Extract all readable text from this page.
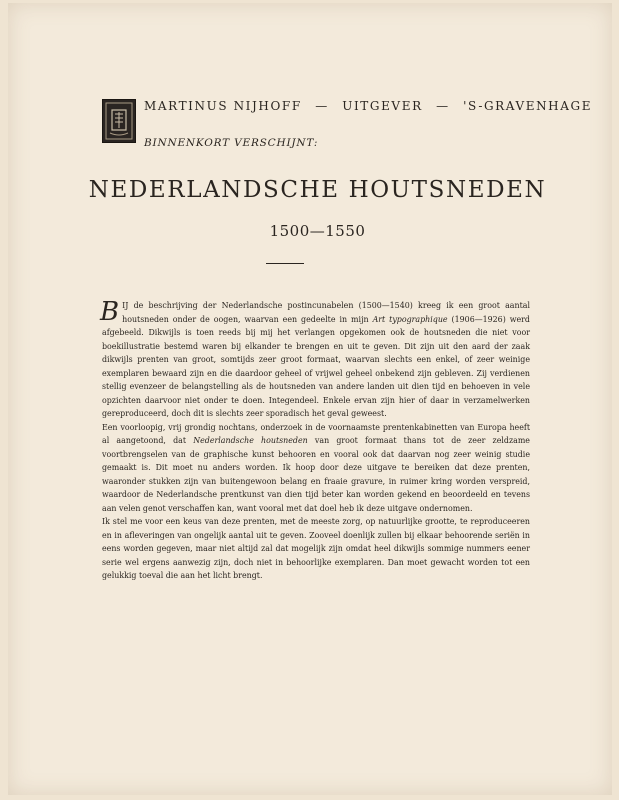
MARTINUS NIJHOFF — UITGEVER — 'S-GRAVENHAGE
BINNENKORT VERSCHIJNT:
NEDERLANDSCHE HOUTSNEDEN
1500—1550

BIJ de beschrijving der Nederlandsche postincunabelen (1500—1540) kreeg ik een groot aantal houtsneden onder de oogen, waarvan een gedeelte in mijn Art typographique (1906—1926) werd afgebeeld. Dikwijls is toen reeds bij mij het verlangen opgekomen ook de houtsneden die niet voor boekillustratie bestemd waren bij elkander te brengen en uit te geven. Dit zijn uit den aard der zaak dikwijls prenten van groot, somtijds zeer groot formaat, waarvan slechts een enkel, of zeer weinige exemplaren bewaard zijn en die daardoor geheel of vrijwel geheel onbekend zijn gebleven. Zij verdienen stellig evenzeer de belangstelling als de houtsneden van andere landen uit dien tijd en behoeven in vele opzichten daarvoor niet onder te doen. Integendeel. Enkele ervan zijn hier of daar in verzamelwerken gereproduceerd, doch dit is slechts zeer sporadisch het geval geweest.

Een voorloopig, vrij grondig nochtans, onderzoek in de voornaamste prentenkabinetten van Europa heeft al aangetoond, dat Nederlandsche houtsneden van groot formaat thans tot de zeer zeldzame voortbrengselen van de graphische kunst behooren en vooral ook dat daarvan nog zeer weinig studie gemaakt is. Dit moet nu anders worden. Ik hoop door deze uitgave te bereiken dat deze prenten, waaronder stukken zijn van buitengewoon belang en fraaie gravure, in ruimer kring worden verspreid, waardoor de Nederlandsche prentkunst van dien tijd beter kan worden gekend en beoordeeld en tevens aan velen genot verschaffen kan, want vooral met dat doel heb ik deze uitgave ondernomen.

Ik stel me voor een keus van deze prenten, met de meeste zorg, op natuurlijke grootte, te reproduceeren en in afleveringen van ongelijk aantal uit te geven. Zooveel doenlijk zullen bij elkaar behoorende seriën in eens worden gegeven, maar niet altijd zal dat mogelijk zijn omdat heel dikwijls sommige nummers eener serie wel ergens aanwezig zijn, doch niet in behoorlijke exemplaren. Dan moet gewacht worden tot een gelukkig toeval die aan het licht brengt.
